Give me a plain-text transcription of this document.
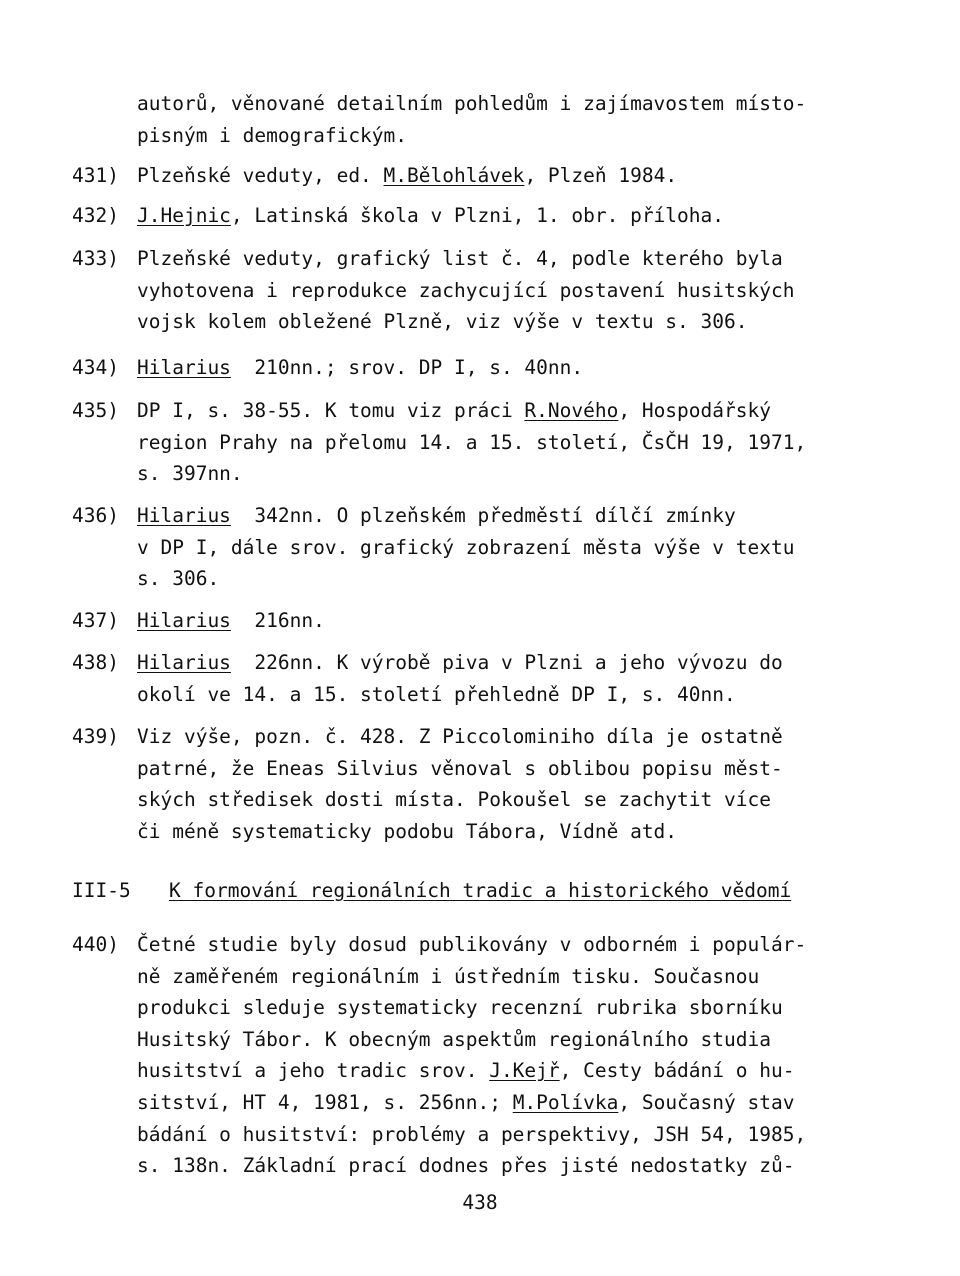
autorů, věnované detailním pohledům i zajímavostem místo-
pisným i demografickým.
431) Plzeňské veduty, ed. M.Bělohlávek, Plzeň 1984.
432) J.Hejnic, Latinská škola v Plzni, 1. obr. příloha.
433) Plzeňské veduty, grafický list č. 4, podle kterého byla
vyhotovena i reprodukce zachycující postavení husitských
vojsk kolem obležené Plzně, viz výše v textu s. 306.
434) Hilarius  210nn.; srov. DP I, s. 40nn.
435) DP I, s. 38-55. K tomu viz práci R.Nového, Hospodářský
region Prahy na přelomu 14. a 15. století, ČsČH 19, 1971,
s. 397nn.
436) Hilarius  342nn. O plzeňském předměstí dílčí zmínky
v DP I, dále srov. grafický zobrazení města výše v textu
s. 306.
437) Hilarius  216nn.
438) Hilarius  226nn. K výrobě piva v Plzni a jeho vývozu do
okolí ve 14. a 15. století přehledně DP I, s. 40nn.
439) Viz výše, pozn. č. 428. Z Piccolominiho díla je ostatně
patrné, že Eneas Silvius věnoval s oblibou popisu měst-
ských středisek dosti místa. Pokoušel se zachytit více
či méně systematicky podobu Tábora, Vídně atd.
III-5 K formování regionálních tradic a historického vědomí
440) Četné studie byly dosud publikovány v odborném i populár-
ně zaměřeném regionálním i ústředním tisku. Současnou
produkci sleduje systematicky recenzní rubrika sborníku
Husitský Tábor. K obecným aspektům regionálního studia
husitství a jeho tradic srov. J.Kejř, Cesty bádání o hu-
sitství, HT 4, 1981, s. 256nn.; M.Polívka, Současný stav
bádání o husitství: problémy a perspektivy, JSH 54, 1985,
s. 138n. Základní prací dodnes přes jisté nedostatky zů-
438
